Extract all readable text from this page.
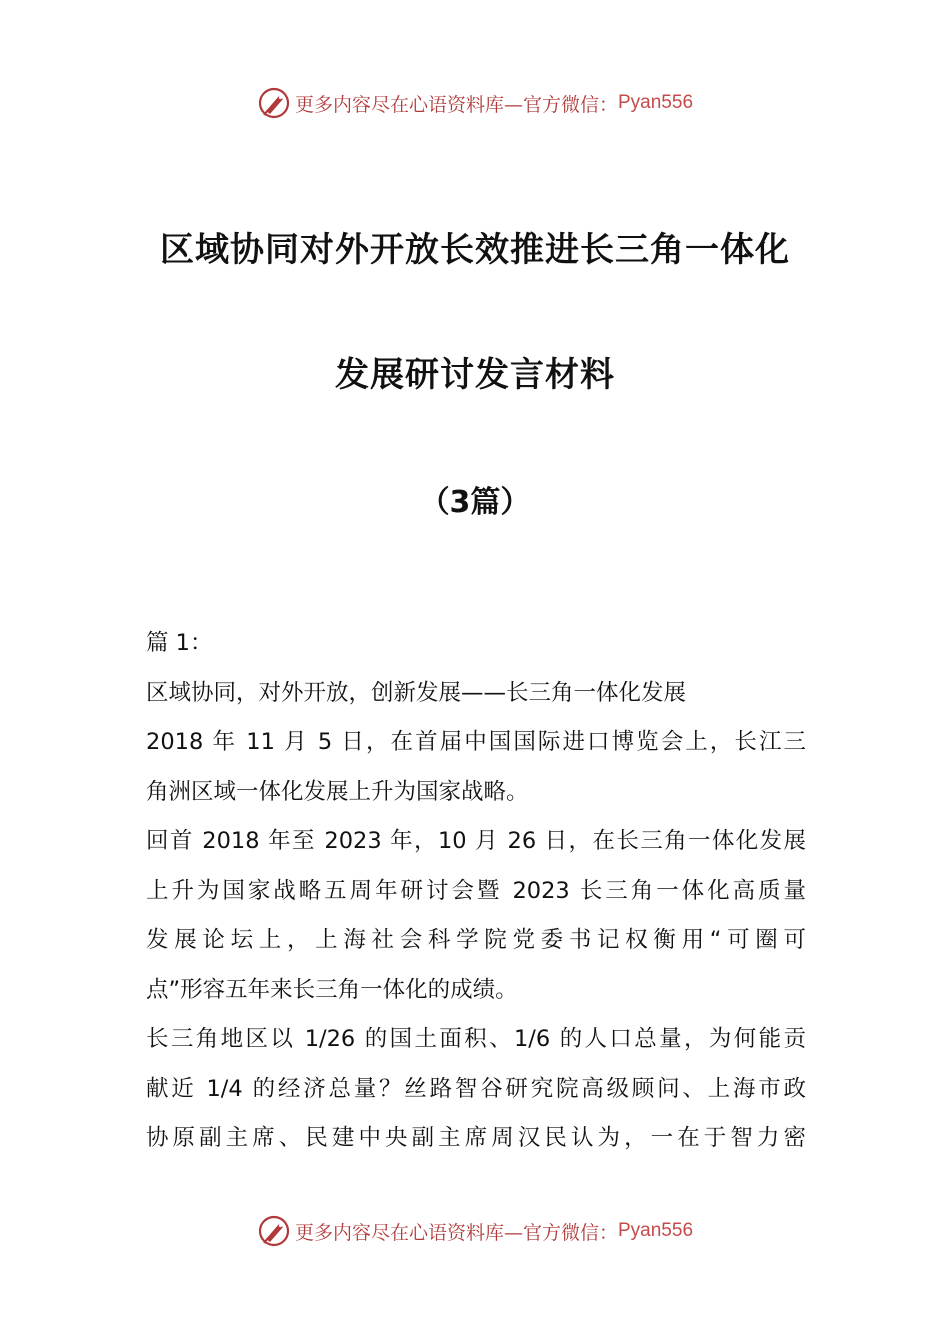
更多内容尽在心语资料库—官方微信： Pyan556
区域协同对外开放长效推进长三角一体化
发展研讨发言材料
（3篇）
篇 1：
区域协同，对外开放，创新发展——长三角一体化发展
2018 年 11 月 5 日，在首届中国国际进口博览会上，长江三
角洲区域一体化发展上升为国家战略。
回首 2018 年至 2023 年，10 月 26 日，在长三角一体化发展
上升为国家战略五周年研讨会暨 2023 长三角一体化高质量
发展论坛上，上海社会科学院党委书记权衡用“可圈可
点”形容五年来长三角一体化的成绩。
长三角地区以 1/26 的国土面积、1/6 的人口总量，为何能贡
献近 1/4 的经济总量？丝路智谷研究院高级顾问、上海市政
协原副主席、民建中央副主席周汉民认为，一在于智力密
更多内容尽在心语资料库—官方微信： Pyan556
